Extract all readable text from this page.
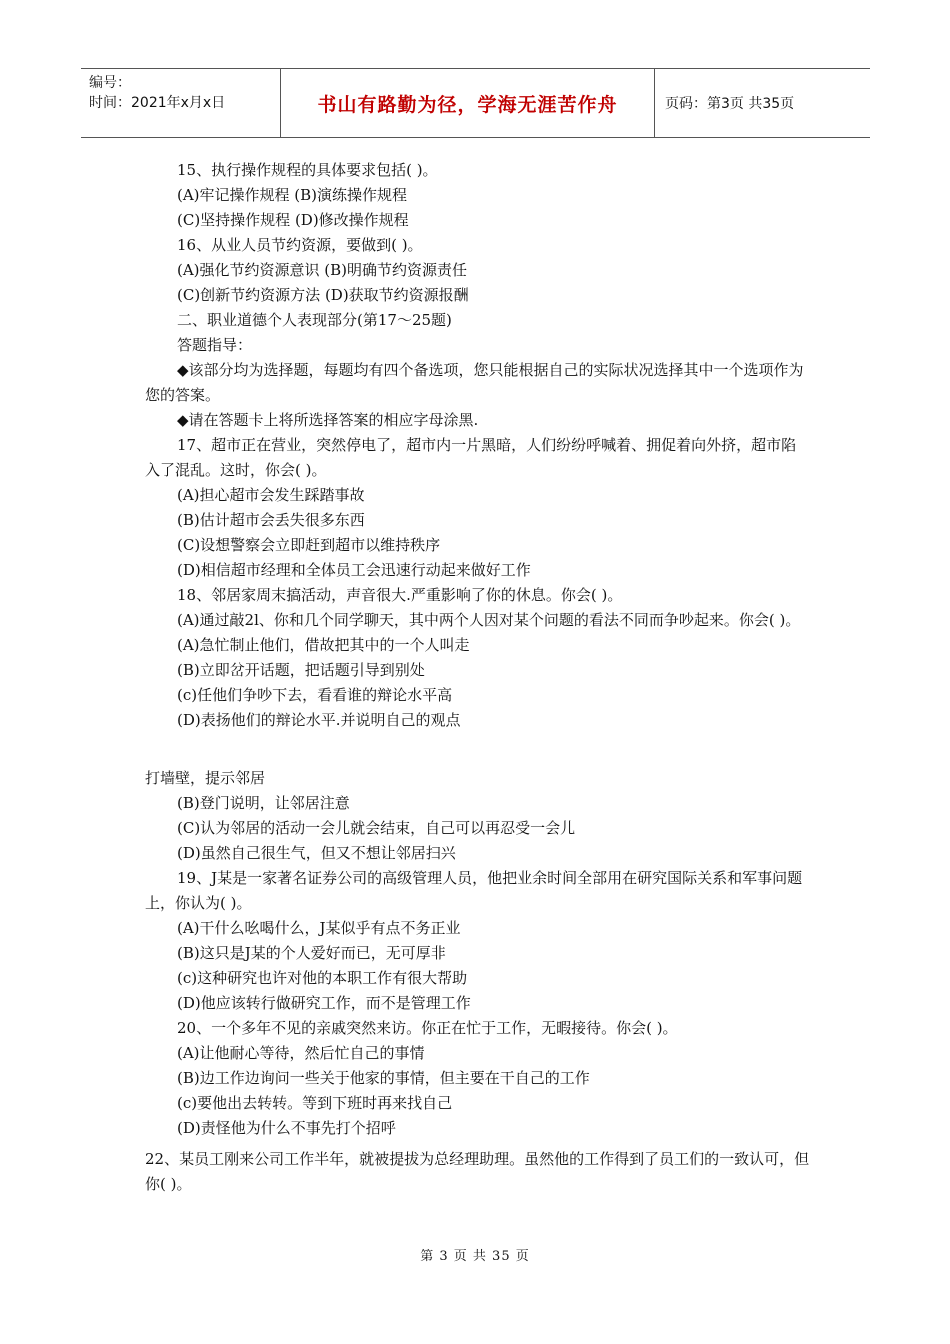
编号：
时间：2021年x月x日	书山有路勤为径，学海无涯苦作舟	页码：第3页 共35页
15、执行操作规程的具体要求包括( )。
(A)牢记操作规程 (B)演练操作规程
(C)坚持操作规程 (D)修改操作规程
16、从业人员节约资源，要做到( )。
(A)强化节约资源意识 (B)明确节约资源责任
(C)创新节约资源方法 (D)获取节约资源报酬
二、职业道德个人表现部分(第17～25题)
答题指导：
◆该部分均为选择题，每题均有四个备选项，您只能根据自己的实际状况选择其中一个选项作为您的答案。
◆请在答题卡上将所选择答案的相应字母涂黑.
17、超市正在营业，突然停电了，超市内一片黑暗，人们纷纷呼喊着、拥促着向外挤，超市陷入了混乱。这时，你会( )。
(A)担心超市会发生踩踏事故
(B)估计超市会丢失很多东西
(C)设想警察会立即赶到超市以维持秩序
(D)相信超市经理和全体员工会迅速行动起来做好工作
18、邻居家周末搞活动，声音很大.严重影响了你的休息。你会( )。
(A)通过敲2l、你和几个同学聊天，其中两个人因对某个问题的看法不同而争吵起来。你会( )。
(A)急忙制止他们，借故把其中的一个人叫走
(B)立即岔开话题，把话题引导到别处
(c)任他们争吵下去，看看谁的辩论水平高
(D)表扬他们的辩论水平.并说明自己的观点
打墙壁，提示邻居
(B)登门说明，让邻居注意
(C)认为邻居的活动一会儿就会结束，自己可以再忍受一会儿
(D)虽然自己很生气，但又不想让邻居扫兴
19、J某是一家著名证券公司的高级管理人员，他把业余时间全部用在研究国际关系和军事问题上，你认为( )。
(A)干什么吆喝什么，J某似乎有点不务正业
(B)这只是J某的个人爱好而已，无可厚非
(c)这种研究也许对他的本职工作有很大帮助
(D)他应该转行做研究工作，而不是管理工作
20、一个多年不见的亲戚突然来访。你正在忙于工作，无暇接待。你会( )。
(A)让他耐心等待，然后忙自己的事情
(B)边工作边询问一些关于他家的事情，但主要在干自己的工作
(c)要他出去转转。等到下班时再来找自己
(D)责怪他为什么不事先打个招呼
22、某员工刚来公司工作半年，就被提拔为总经理助理。虽然他的工作得到了员工们的一致认可，但你( )。
第 3 页 共 35 页
